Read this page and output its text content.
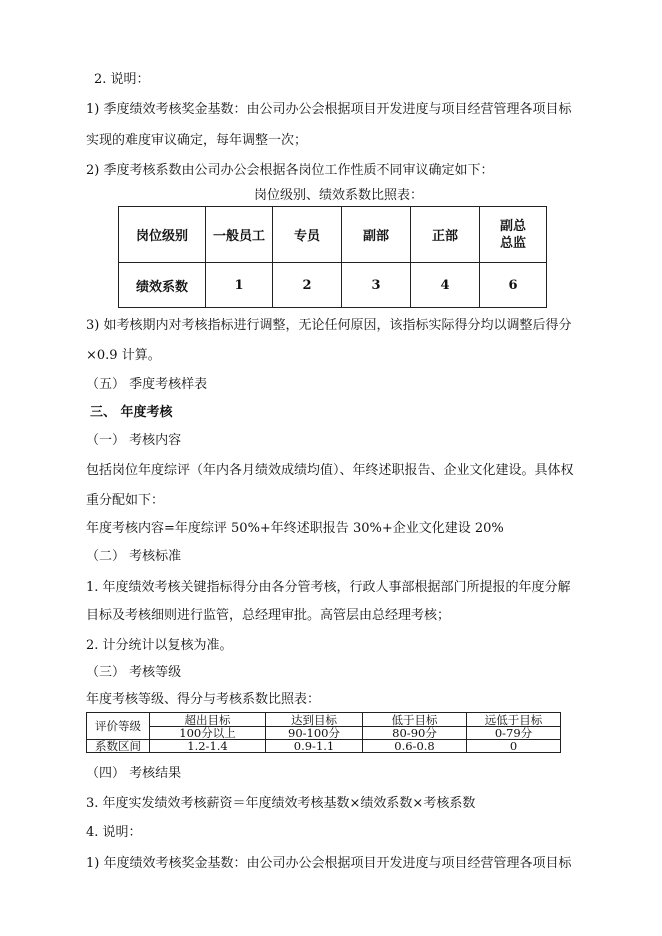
2. 说明：
1) 季度绩效考核奖金基数：由公司办公会根据项目开发进度与项目经营管理各项目标
实现的难度审议确定，每年调整一次；
2) 季度考核系数由公司办公会根据各岗位工作性质不同审议确定如下：
岗位级别、绩效系数比照表：
岗位级别	一般员工	专员	副部	正部	副总
总监

绩效系数	1	2	3	4	6
3) 如考核期内对考核指标进行调整，无论任何原因，该指标实际得分均以调整后得分
×0.9 计算。
（五） 季度考核样表
三、 年度考核
（一） 考核内容
包括岗位年度综评（年内各月绩效成绩均值）、年终述职报告、企业文化建设。具体权
重分配如下：
年度考核内容=年度综评 50%+年终述职报告 30%+企业文化建设 20%
（二） 考核标准
1. 年度绩效考核关键指标得分由各分管考核，行政人事部根据部门所提报的年度分解
目标及考核细则进行监管，总经理审批。高管层由总经理考核；
2. 计分统计以复核为准。
（三） 考核等级
年度考核等级、得分与考核系数比照表：
评价等级	超出目标	达到目标	低于目标	远低于目标
	100分以上	90-100分	80-90分	0-79分
系数区间	1.2-1.4	0.9-1.1	0.6-0.8	0
（四） 考核结果
3. 年度实发绩效考核薪资＝年度绩效考核基数×绩效系数×考核系数
4. 说明：
1) 年度绩效考核奖金基数：由公司办公会根据项目开发进度与项目经营管理各项目标
